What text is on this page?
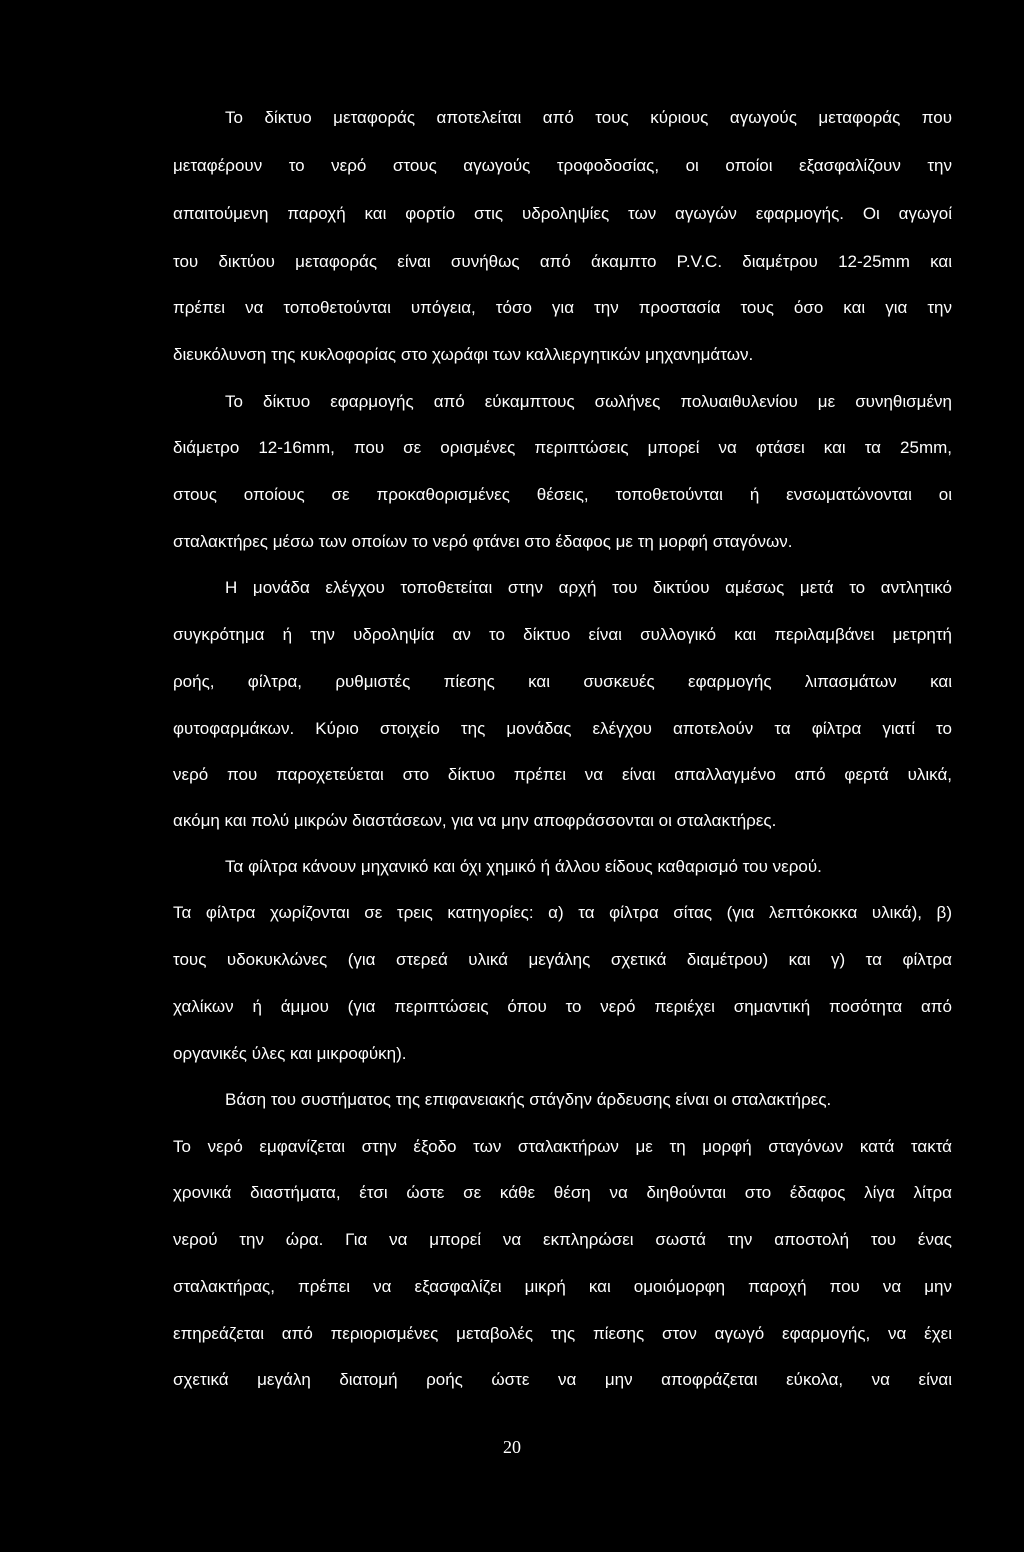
Το δίκτυο μεταφοράς αποτελείται από τους κύριους αγωγούς μεταφοράς που
μεταφέρουν το νερό στους αγωγούς τροφοδοσίας, οι οποίοι εξασφαλίζουν την
απαιτούμενη παροχή και φορτίο στις υδροληψίες των αγωγών εφαρμογής. Οι αγωγοί
του δικτύου μεταφοράς είναι συνήθως από άκαμπτο P.V.C. διαμέτρου 12-25mm και
πρέπει να τοποθετούνται υπόγεια, τόσο για την προστασία τους όσο και για την
διευκόλυνση της κυκλοφορίας στο χωράφι των καλλιεργητικών μηχανημάτων.
Το δίκτυο εφαρμογής από εύκαμπτους σωλήνες πολυαιθυλενίου με συνηθισμένη
διάμετρο 12-16mm, που σε ορισμένες περιπτώσεις μπορεί να φτάσει και τα 25mm,
στους οποίους σε προκαθορισμένες θέσεις, τοποθετούνται ή ενσωματώνονται οι
σταλακτήρες μέσω των οποίων το νερό φτάνει στο έδαφος με τη μορφή σταγόνων.
Η μονάδα ελέγχου τοποθετείται στην αρχή του δικτύου αμέσως μετά το αντλητικό
συγκρότημα ή την υδροληψία αν το δίκτυο είναι συλλογικό και περιλαμβάνει μετρητή
ροής, φίλτρα, ρυθμιστές πίεσης και συσκευές εφαρμογής λιπασμάτων και
φυτοφαρμάκων. Κύριο στοιχείο της μονάδας ελέγχου αποτελούν τα φίλτρα γιατί το
νερό που παροχετεύεται στο δίκτυο πρέπει να είναι απαλλαγμένο από φερτά υλικά,
ακόμη και πολύ μικρών διαστάσεων, για να μην αποφράσσονται οι σταλακτήρες.
Τα φίλτρα κάνουν μηχανικό και όχι χημικό ή άλλου είδους καθαρισμό του νερού.
Τα φίλτρα χωρίζονται σε τρεις κατηγορίες: α) τα φίλτρα σίτας (για λεπτόκοκκα υλικά), β)
τους υδοκυκλώνες (για στερεά υλικά μεγάλης σχετικά διαμέτρου) και γ) τα φίλτρα
χαλίκων ή άμμου (για περιπτώσεις όπου το νερό περιέχει σημαντική ποσότητα από
οργανικές ύλες και μικροφύκη).
Βάση του συστήματος της επιφανειακής στάγδην άρδευσης είναι οι σταλακτήρες.
Το νερό εμφανίζεται στην έξοδο των σταλακτήρων με τη μορφή σταγόνων κατά τακτά
χρονικά διαστήματα, έτσι ώστε σε κάθε θέση να διηθούνται στο έδαφος λίγα λίτρα
νερού την ώρα. Για να μπορεί να εκπληρώσει σωστά την αποστολή του ένας
σταλακτήρας, πρέπει να εξασφαλίζει μικρή και ομοιόμορφη παροχή που να μην
επηρεάζεται από περιορισμένες μεταβολές της πίεσης στον αγωγό εφαρμογής, να έχει
σχετικά μεγάλη διατομή ροής ώστε να μην αποφράζεται εύκολα, να είναι
20
